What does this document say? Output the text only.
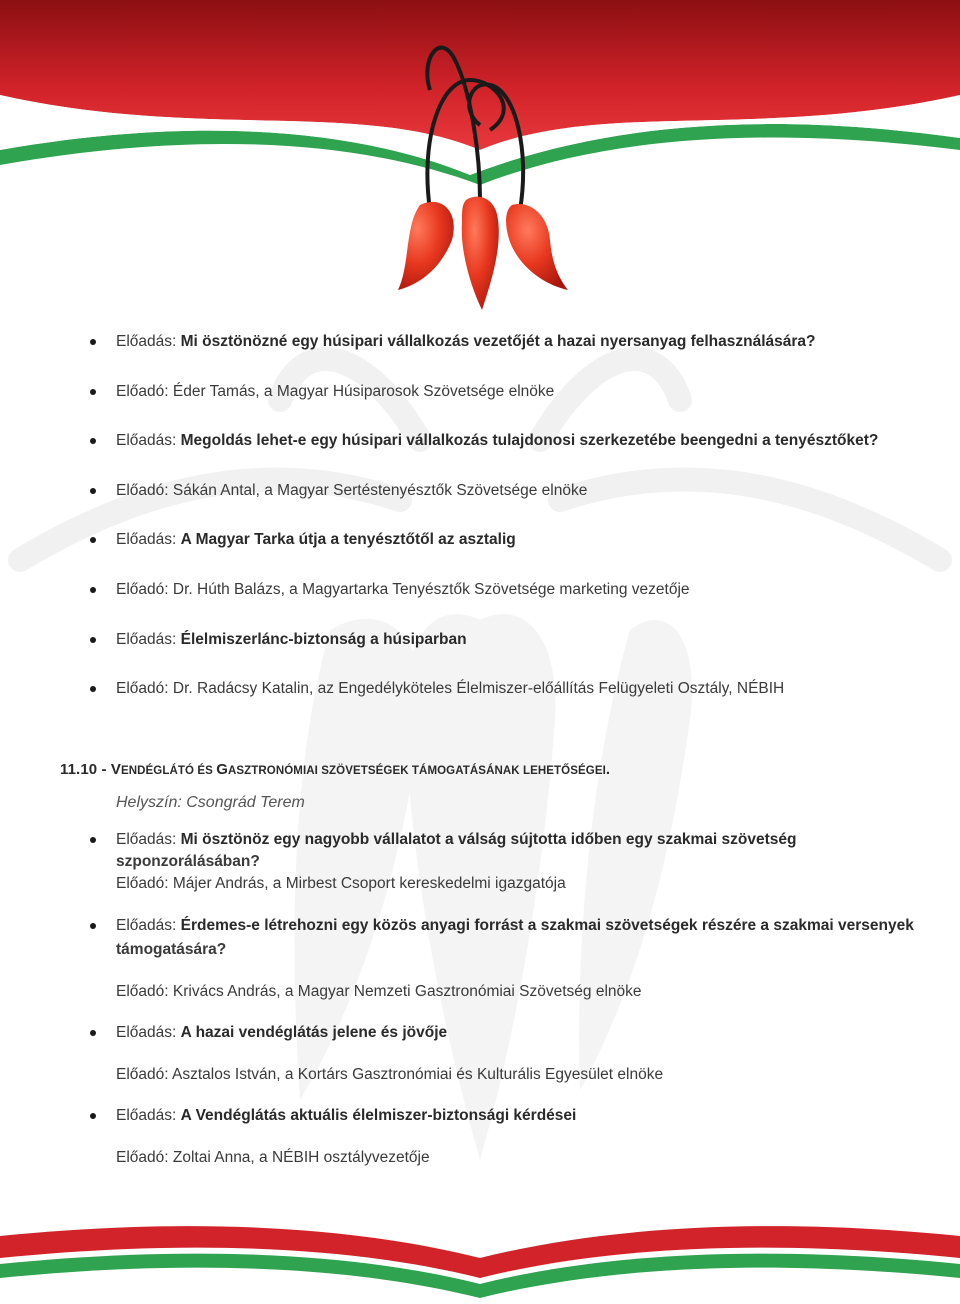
Előadás: Mi ösztönözné egy húsipari vállalkozás vezetőjét a hazai nyersanyag felhasználására?
Előadó: Éder Tamás, a Magyar Húsiparosok Szövetsége elnöke
Előadás: Megoldás lehet-e egy húsipari vállalkozás tulajdonosi szerkezetébe beengedni a tenyésztőket?
Előadó: Sákán Antal, a Magyar Sertéstenyésztők Szövetsége elnöke
Előadás: A Magyar Tarka útja a tenyésztőtől az asztalig
Előadó: Dr. Húth Balázs, a Magyartarka Tenyésztők Szövetsége marketing vezetője
Előadás: Élelmiszerlánc-biztonság a húsiparban
Előadó: Dr. Radácsy Katalin, az Engedélyköteles Élelmiszer-előállítás Felügyeleti Osztály, NÉBIH
11.10 - VENDÉGLÁTÓ ÉS GASZTRONÓMIAI SZÖVETSÉGEK TÁMOGATÁSÁNAK LEHETŐSÉGEI.
Helyszín: Csongrád Terem
Előadás: Mi ösztönöz egy nagyobb vállalatot a válság sújtotta időben egy szakmai szövetség
szponzorálásában?
Előadó: Májer András, a Mirbest Csoport kereskedelmi igazgatója
Előadás: Érdemes-e létrehozni egy közös anyagi forrást a szakmai szövetségek részére a szakmai versenyek
támogatására?
Előadó: Krivács András, a Magyar Nemzeti Gasztronómiai Szövetség elnöke
Előadás: A hazai vendéglátás jelene és jövője
Előadó: Asztalos István, a Kortárs Gasztronómiai és Kulturális Egyesület elnöke
Előadás: A Vendéglátás aktuális élelmiszer-biztonsági kérdései
Előadó: Zoltai Anna, a NÉBIH osztályvezetője
